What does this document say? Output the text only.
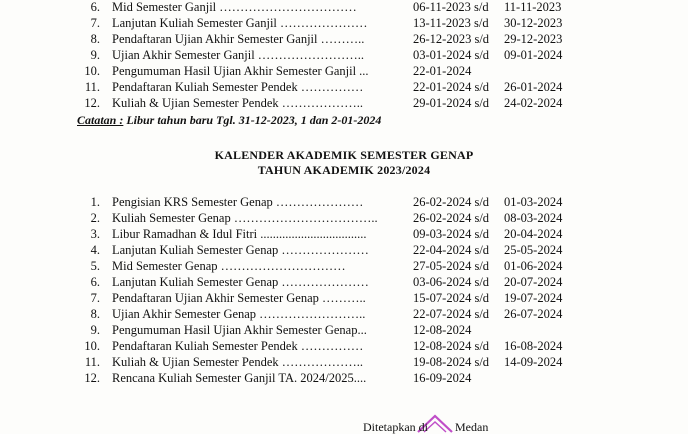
6. Mid Semester Ganjil ……………………………	06-11-2023 s/d 11-11-2023
7. Lanjutan Kuliah Semester Ganjil …………………	13-11-2023 s/d 30-12-2023
8. Pendaftaran Ujian Akhir Semester Ganjil ………..	26-12-2023 s/d 29-12-2023
9. Ujian Akhir Semester Ganjil ……………………..	03-01-2024 s/d 09-01-2024
10. Pengumuman Hasil Ujian Akhir Semester Ganjil ...	22-01-2024
11. Pendaftaran Kuliah Semester Pendek ……………	22-01-2024 s/d 26-01-2024
12. Kuliah & Ujian Semester Pendek ………………..	29-01-2024 s/d 24-02-2024
Catatan : Libur tahun baru Tgl. 31-12-2023, 1 dan 2-01-2024
KALENDER AKADEMIK SEMESTER GENAP
TAHUN AKADEMIK 2023/2024
1. Pengisian KRS Semester Genap …………………	26-02-2024 s/d 01-03-2024
2. Kuliah Semester Genap ……………………………..	26-02-2024 s/d 08-03-2024
3. Libur Ramadhan & Idul Fitri ..................................	09-03-2024 s/d 20-04-2024
4. Lanjutan Kuliah Semester Genap …………………	22-04-2024 s/d 25-05-2024
5. Mid Semester Genap …………………………	27-05-2024 s/d 01-06-2024
6. Lanjutan Kuliah Semester Genap …………………	03-06-2024 s/d 20-07-2024
7. Pendaftaran Ujian Akhir Semester Genap ………..	15-07-2024 s/d 19-07-2024
8. Ujian Akhir Semester Genap ……………………..	22-07-2024 s/d 26-07-2024
9. Pengumuman Hasil Ujian Akhir Semester Genap...	12-08-2024
10. Pendaftaran Kuliah Semester Pendek ……………	12-08-2024 s/d 16-08-2024
11. Kuliah & Ujian Semester Pendek ………………..	19-08-2024 s/d 14-09-2024
12. Rencana Kuliah Semester Ganjil TA. 2024/2025....	16-09-2024
Ditetapkan di Medan
